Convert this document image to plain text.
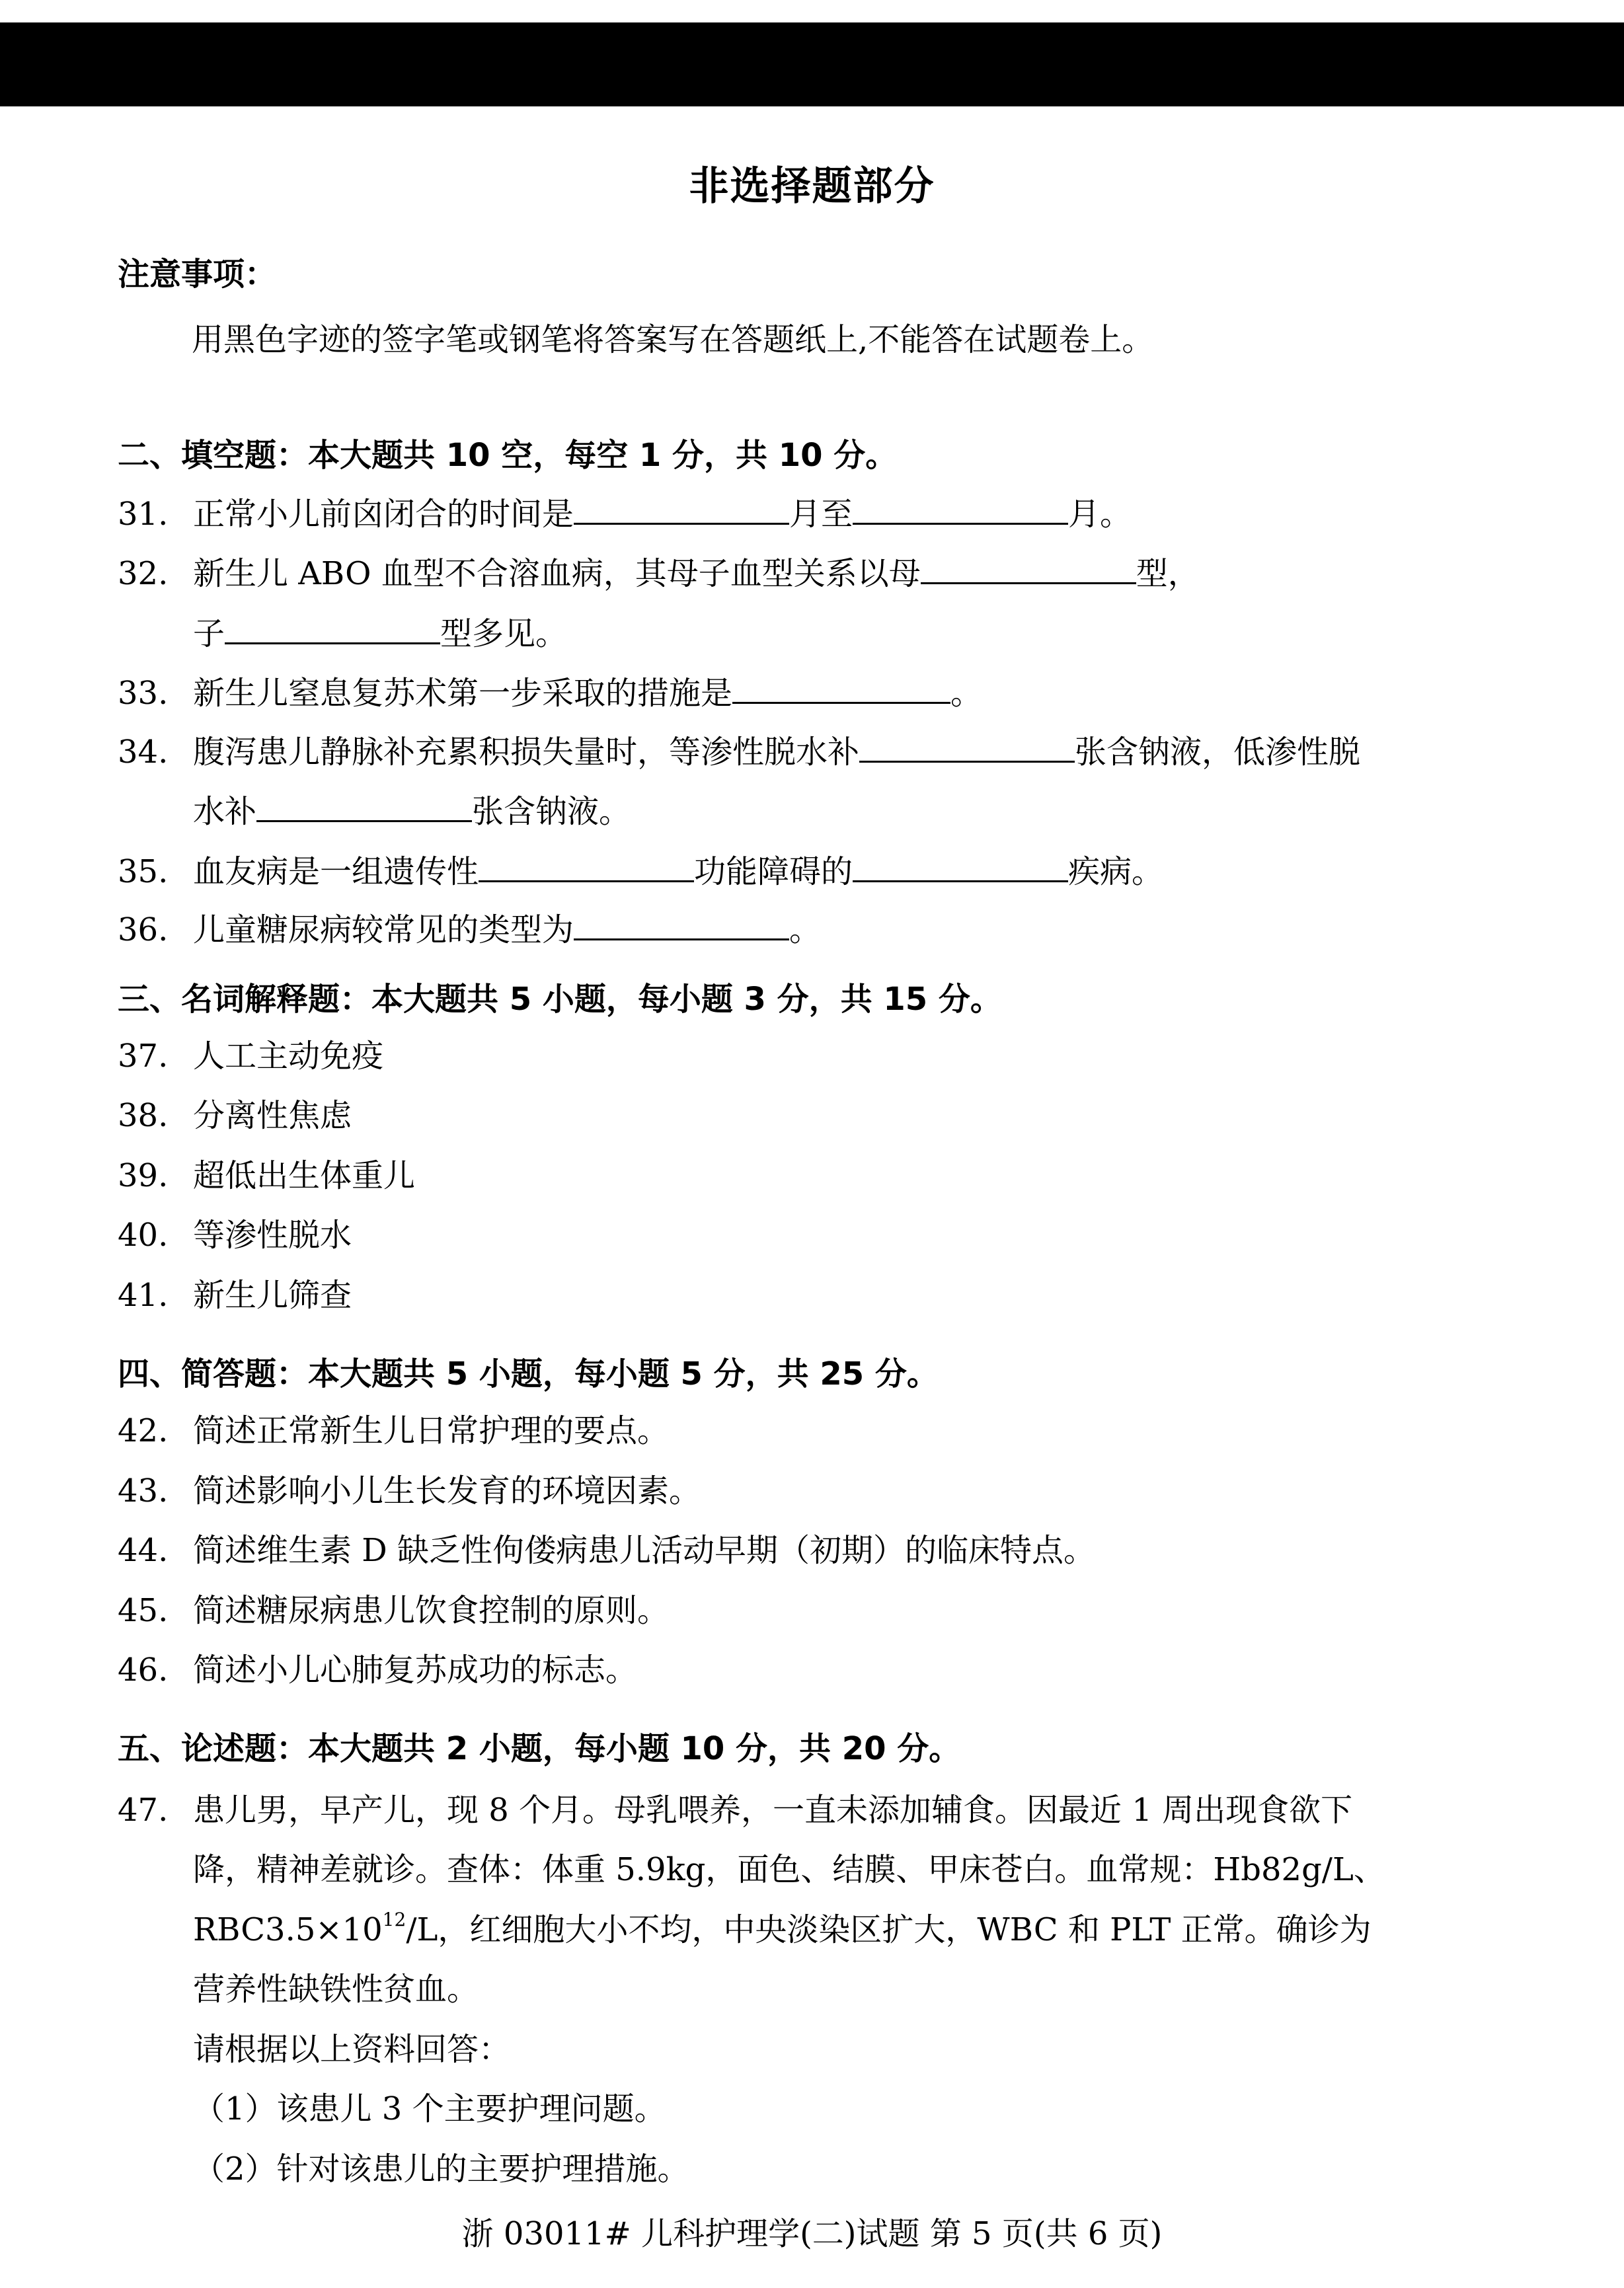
非选择题部分
注意事项：
用黑色字迹的签字笔或钢笔将答案写在答题纸上,不能答在试题卷上。
二、填空题：本大题共 10 空，每空 1 分，共 10 分。
31. 正常小儿前囟闭合的时间是	月至	月。
32. 新生儿 ABO 血型不合溶血病，其母子血型关系以母	型，
子	型多见。
33. 新生儿窒息复苏术第一步采取的措施是	。
34. 腹泻患儿静脉补充累积损失量时，等渗性脱水补	张含钠液，低渗性脱
水补	张含钠液。
35. 血友病是一组遗传性	功能障碍的	疾病。
36. 儿童糖尿病较常见的类型为	。
三、名词解释题：本大题共 5 小题，每小题 3 分，共 15 分。
37. 人工主动免疫
38. 分离性焦虑
39. 超低出生体重儿
40. 等渗性脱水
41. 新生儿筛查
四、简答题：本大题共 5 小题，每小题 5 分，共 25 分。
42. 简述正常新生儿日常护理的要点。
43. 简述影响小儿生长发育的环境因素。
44. 简述维生素 D 缺乏性佝偻病患儿活动早期（初期）的临床特点。
45. 简述糖尿病患儿饮食控制的原则。
46. 简述小儿心肺复苏成功的标志。
五、论述题：本大题共 2 小题，每小题 10 分，共 20 分。
47. 患儿男，早产儿，现 8 个月。母乳喂养，一直未添加辅食。因最近 1 周出现食欲下
降，精神差就诊。查体：体重 5.9kg，面色、结膜、甲床苍白。血常规：Hb82g/L、
$RBC3.5\times 10^{12}/L$，红细胞大小不均，中央淡染区扩大，WBC 和 PLT 正常。确诊为
营养性缺铁性贫血。
请根据以上资料回答：
（1）该患儿 3 个主要护理问题。
（2）针对该患儿的主要护理措施。
浙 03011# 儿科护理学(二)试题 第 5 页(共 6 页)
